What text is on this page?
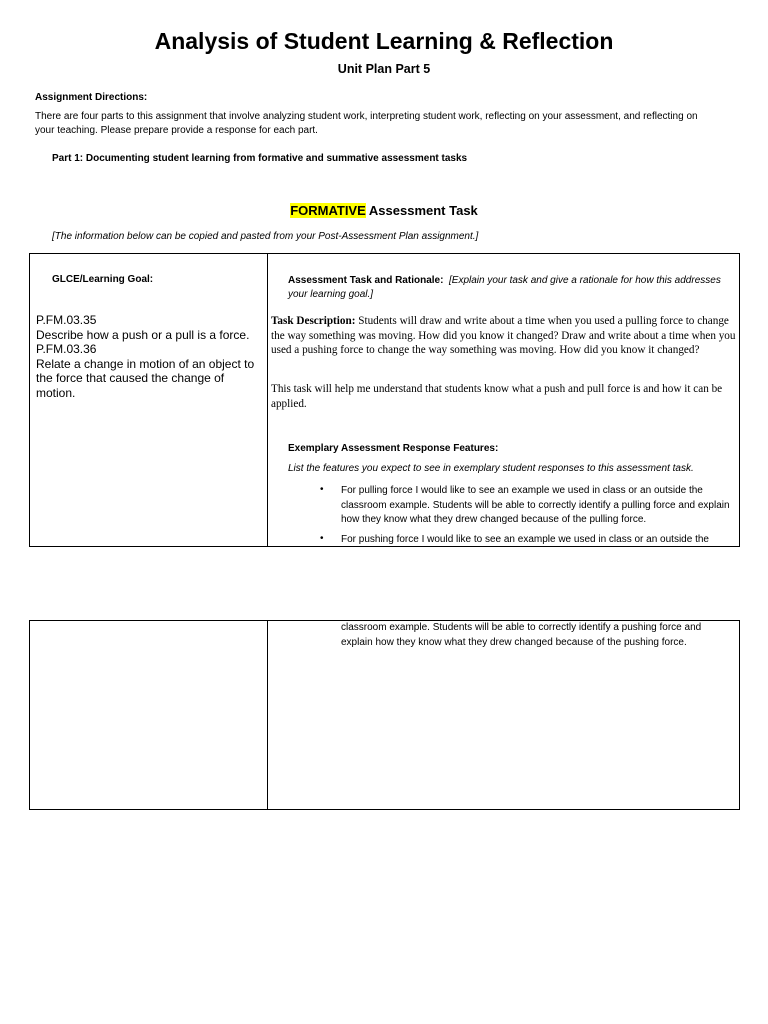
Analysis of Student Learning & Reflection
Unit Plan Part 5
Assignment Directions:
There are four parts to this assignment that involve analyzing student work, interpreting student work, reflecting on your assessment, and reflecting on your teaching. Please prepare provide a response for each part.
Part 1: Documenting student learning from formative and summative assessment tasks
FORMATIVE Assessment Task
[The information below can be copied and pasted from your Post-Assessment Plan assignment.]
GLCE/Learning Goal:
P.FM.03.35
Describe how a push or a pull is a force.
P.FM.03.36
Relate a change in motion of an object to the force that caused the change of motion.
Assessment Task and Rationale: [Explain your task and give a rationale for how this addresses your learning goal.]
Task Description: Students will draw and write about a time when you used a pulling force to change the way something was moving. How did you know it changed? Draw and write about a time when you used a pushing force to change the way something was moving. How did you know it changed?
This task will help me understand that students know what a push and pull force is and how it can be applied.
Exemplary Assessment Response Features:
List the features you expect to see in exemplary student responses to this assessment task.
• For pulling force I would like to see an example we used in class or an outside the classroom example. Students will be able to correctly identify a pulling force and explain how they know what they drew changed because of the pulling force.
• For pushing force I would like to see an example we used in class or an outside the
classroom example. Students will be able to correctly identify a pushing force and explain how they know what they drew changed because of the pushing force.
